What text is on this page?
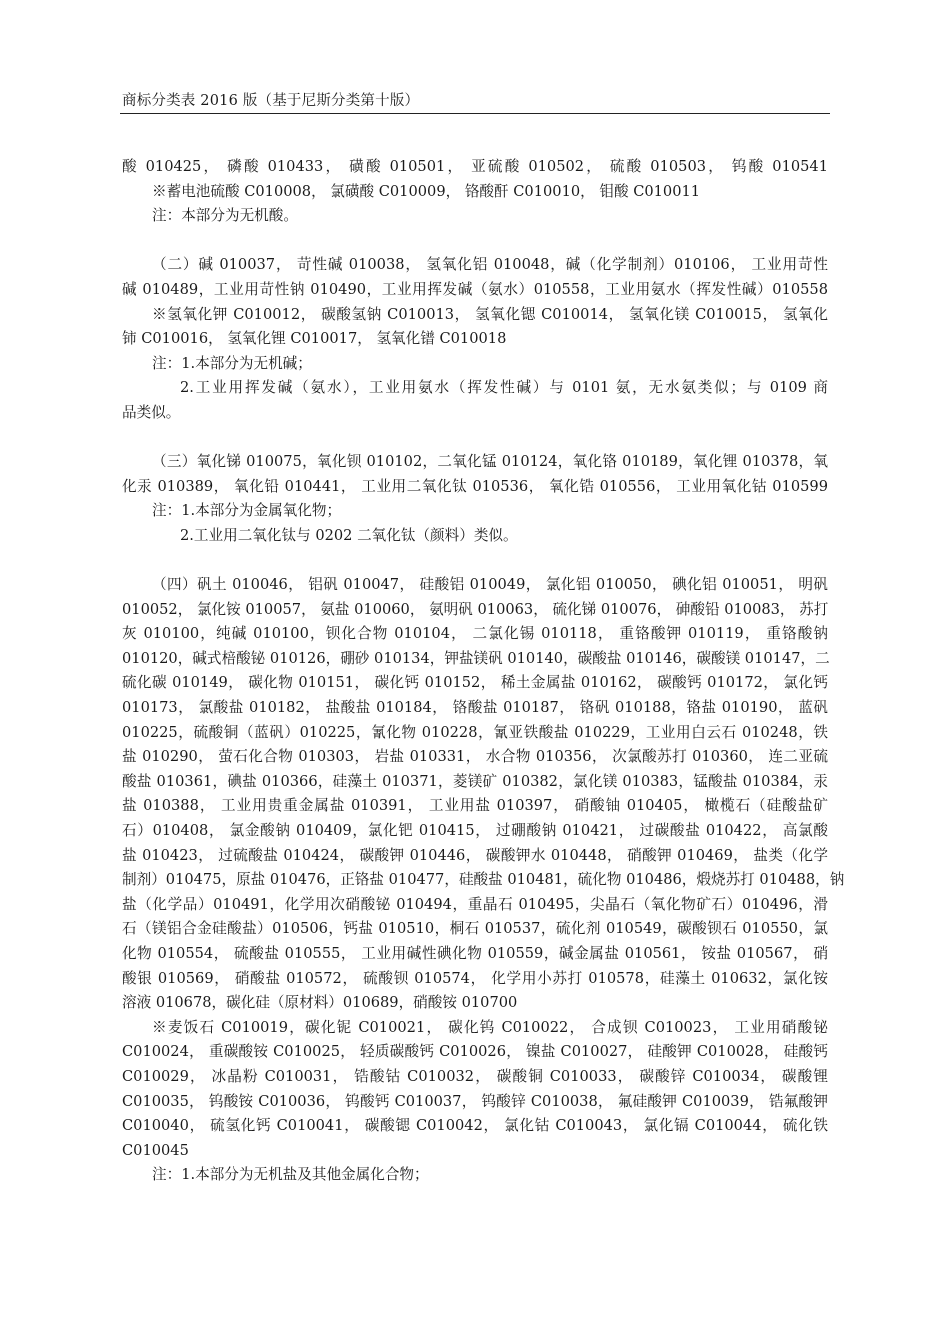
商标分类表 2016 版（基于尼斯分类第十版）

酸 010425， 磷酸 010433， 磺酸 010501， 亚硫酸 010502， 硫酸 010503， 钨酸 010541
※蓄电池硫酸 C010008， 氯磺酸 C010009， 铬酸酐 C010010， 钼酸 C010011
注：本部分为无机酸。

（二）碱 010037， 苛性碱 010038， 氢氧化铝 010048，碱（化学制剂）010106， 工业用苛性
碱 010489，工业用苛性钠 010490，工业用挥发碱（氨水）010558，工业用氨水（挥发性碱）010558
※氢氧化钾 C010012， 碳酸氢钠 C010013， 氢氧化锶 C010014， 氢氧化镁 C010015， 氢氧化
铈 C010016， 氢氧化锂 C010017， 氢氧化镨 C010018
注：1.本部分为无机碱；
2.工业用挥发碱（氨水），工业用氨水（挥发性碱）与 0101 氨，无水氨类似；与 0109 商
品类似。

（三）氧化锑 010075，氧化钡 010102，二氧化锰 010124，氧化铬 010189，氧化锂 010378，氧
化汞 010389， 氧化铅 010441， 工业用二氧化钛 010536， 氧化锆 010556， 工业用氧化钴 010599
注：1.本部分为金属氧化物；
2.工业用二氧化钛与 0202 二氧化钛（颜料）类似。

（四）矾土 010046， 铝矾 010047， 硅酸铝 010049， 氯化铝 010050， 碘化铝 010051， 明矾
010052， 氯化铵 010057， 氨盐 010060， 氨明矾 010063， 硫化锑 010076， 砷酸铅 010083， 苏打
灰 010100，纯碱 010100，钡化合物 010104， 二氯化锡 010118， 重铬酸钾 010119， 重铬酸钠
010120，碱式棓酸铋 010126，硼砂 010134，钾盐镁矾 010140，碳酸盐 010146，碳酸镁 010147，二
硫化碳 010149， 碳化物 010151， 碳化钙 010152， 稀土金属盐 010162， 碳酸钙 010172， 氯化钙
010173， 氯酸盐 010182， 盐酸盐 010184， 铬酸盐 010187， 铬矾 010188，铬盐 010190， 蓝矾
010225，硫酸铜（蓝矾）010225，氰化物 010228，氰亚铁酸盐 010229，工业用白云石 010248，铁
盐 010290， 萤石化合物 010303， 岩盐 010331， 水合物 010356， 次氯酸苏打 010360， 连二亚硫
酸盐 010361，碘盐 010366，硅藻土 010371，菱镁矿 010382，氯化镁 010383，锰酸盐 010384，汞
盐 010388， 工业用贵重金属盐 010391， 工业用盐 010397， 硝酸铀 010405， 橄榄石（硅酸盐矿
石）010408， 氯金酸钠 010409，氯化钯 010415， 过硼酸钠 010421， 过碳酸盐 010422， 高氯酸
盐 010423， 过硫酸盐 010424， 碳酸钾 010446， 碳酸钾水 010448， 硝酸钾 010469， 盐类（化学
制剂）010475，原盐 010476，正铬盐 010477，硅酸盐 010481，硫化物 010486，煅烧苏打 010488，钠
盐（化学品）010491，化学用次硝酸铋 010494，重晶石 010495，尖晶石（氧化物矿石）010496，滑
石（镁铝合金硅酸盐）010506，钙盐 010510，桐石 010537，硫化剂 010549，碳酸钡石 010550，氯
化物 010554， 硫酸盐 010555， 工业用碱性碘化物 010559，碱金属盐 010561， 铵盐 010567， 硝
酸银 010569， 硝酸盐 010572， 硫酸钡 010574， 化学用小苏打 010578，硅藻土 010632，氯化铵
溶液 010678，碳化硅（原材料）010689，硝酸铵 010700
※麦饭石 C010019，碳化铌 C010021， 碳化钨 C010022， 合成钡 C010023， 工业用硝酸铋
C010024， 重碳酸铵 C010025， 轻质碳酸钙 C010026， 镍盐 C010027， 硅酸钾 C010028， 硅酸钙
C010029， 冰晶粉 C010031， 锆酸钴 C010032， 碳酸铜 C010033， 碳酸锌 C010034， 碳酸锂
C010035， 钨酸铵 C010036， 钨酸钙 C010037， 钨酸锌 C010038， 氟硅酸钾 C010039， 锆氟酸钾
C010040， 硫氢化钙 C010041， 碳酸锶 C010042， 氯化钴 C010043， 氯化镉 C010044， 硫化铁
C010045
注：1.本部分为无机盐及其他金属化合物；
